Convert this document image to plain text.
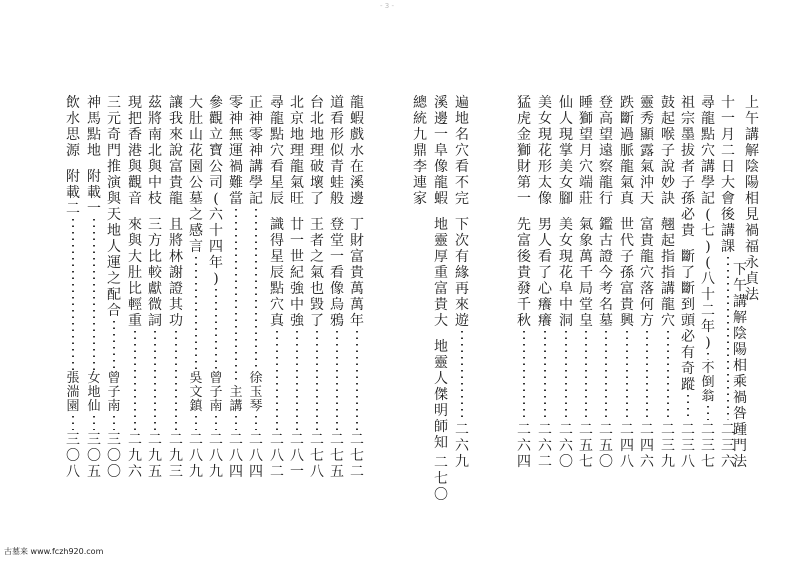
- 3 -
上
午
講
解
陰
陽
相
見
禍
福
永
貞
法
十
一
月
二
日
大
會
後
講
課
二
三
六
尋
龍
點
穴
講
學
記
(
七
)
(
八
十
二
年
)
不
倒
翁
二
三
七
祖
宗
墨
拔
者
子
孫
必
貴
斷
了
斷
到
頭
必
有
奇
蹤
二
三
八
鼓
起
喉
子
說
妙
訣
翹
起
指
指
講
龍
穴
二
三
九
靈
秀
顯
露
氣
沖
天
富
貴
龍
穴
落
何
方
二
四
六
跌
斷
過
脈
龍
氣
真
世
代
子
孫
富
貴
興
二
四
八
登
高
望
遠
察
龍
行
鑑
古
證
今
考
名
墓
二
五
〇
睡
獅
望
月
穴
端
莊
氣
象
萬
千
局
堂
皇
二
五
七
仙
人
現
掌
美
女
腳
美
女
現
花
阜
中
洞
二
六
〇
美
女
現
花
形
太
像
男
人
看
了
心
癢
癢
二
六
二
猛
虎
金
獅
財
第
一
先
富
後
貴
發
千
秋
二
六
四
遍
地
名
穴
看
不
完
下
次
有
緣
再
來
遊
二
六
九
溪
邊
一
阜
像
龍
蝦
地
靈
厚
重
富
貴
大
地
靈
人
傑
明
師
知
二
七
〇
總
統
九
鼎
李
連
家
龍
蝦
戲
水
在
溪
邊
丁
財
富
貴
萬
萬
年
二
七
二
道
看
形
似
青
蛙
般
登
堂
一
看
像
烏
鴉
二
七
五
台
北
地
理
破
壞
了
王
者
之
氣
也
毀
了
二
七
八
北
京
地
理
龍
氣
旺
廿
一
世
紀
強
中
強
二
八
一
尋
龍
點
穴
看
星
辰
識
得
星
辰
點
穴
真
二
八
二
正
神
零
神
講
學
記
徐
玉
琴
二
八
四
零
神
無
運
禍
難
當
主
講
二
八
四
參
觀
立
寶
公
司
(
六
十
四
年
)
曾
子
南
二
八
九
大
肚
山
花
園
公
墓
之
感
言
吳
文
鎮
二
八
九
讓
我
來
說
富
貴
龍
且
將
林
謝
證
其
功
二
九
三
茲
將
南
北
與
中
枝
三
方
比
較
獻
微
詞
二
九
五
現
把
香
港
與
觀
音
來
與
大
肚
比
輕
重
二
九
六
三
元
奇
門
推
演
與
天
地
人
運
之
配
合
曾
子
南
三
〇
〇
神
馬
點
地
附
載
一
女
地
仙
三
〇
五
飲
水
思
源
附
載
二
張
湍
園
三
〇
八
下
午
講
解
陰
陽
相
乘
禍
咎
踵
門
法
古墓来 www.fczh920.com
